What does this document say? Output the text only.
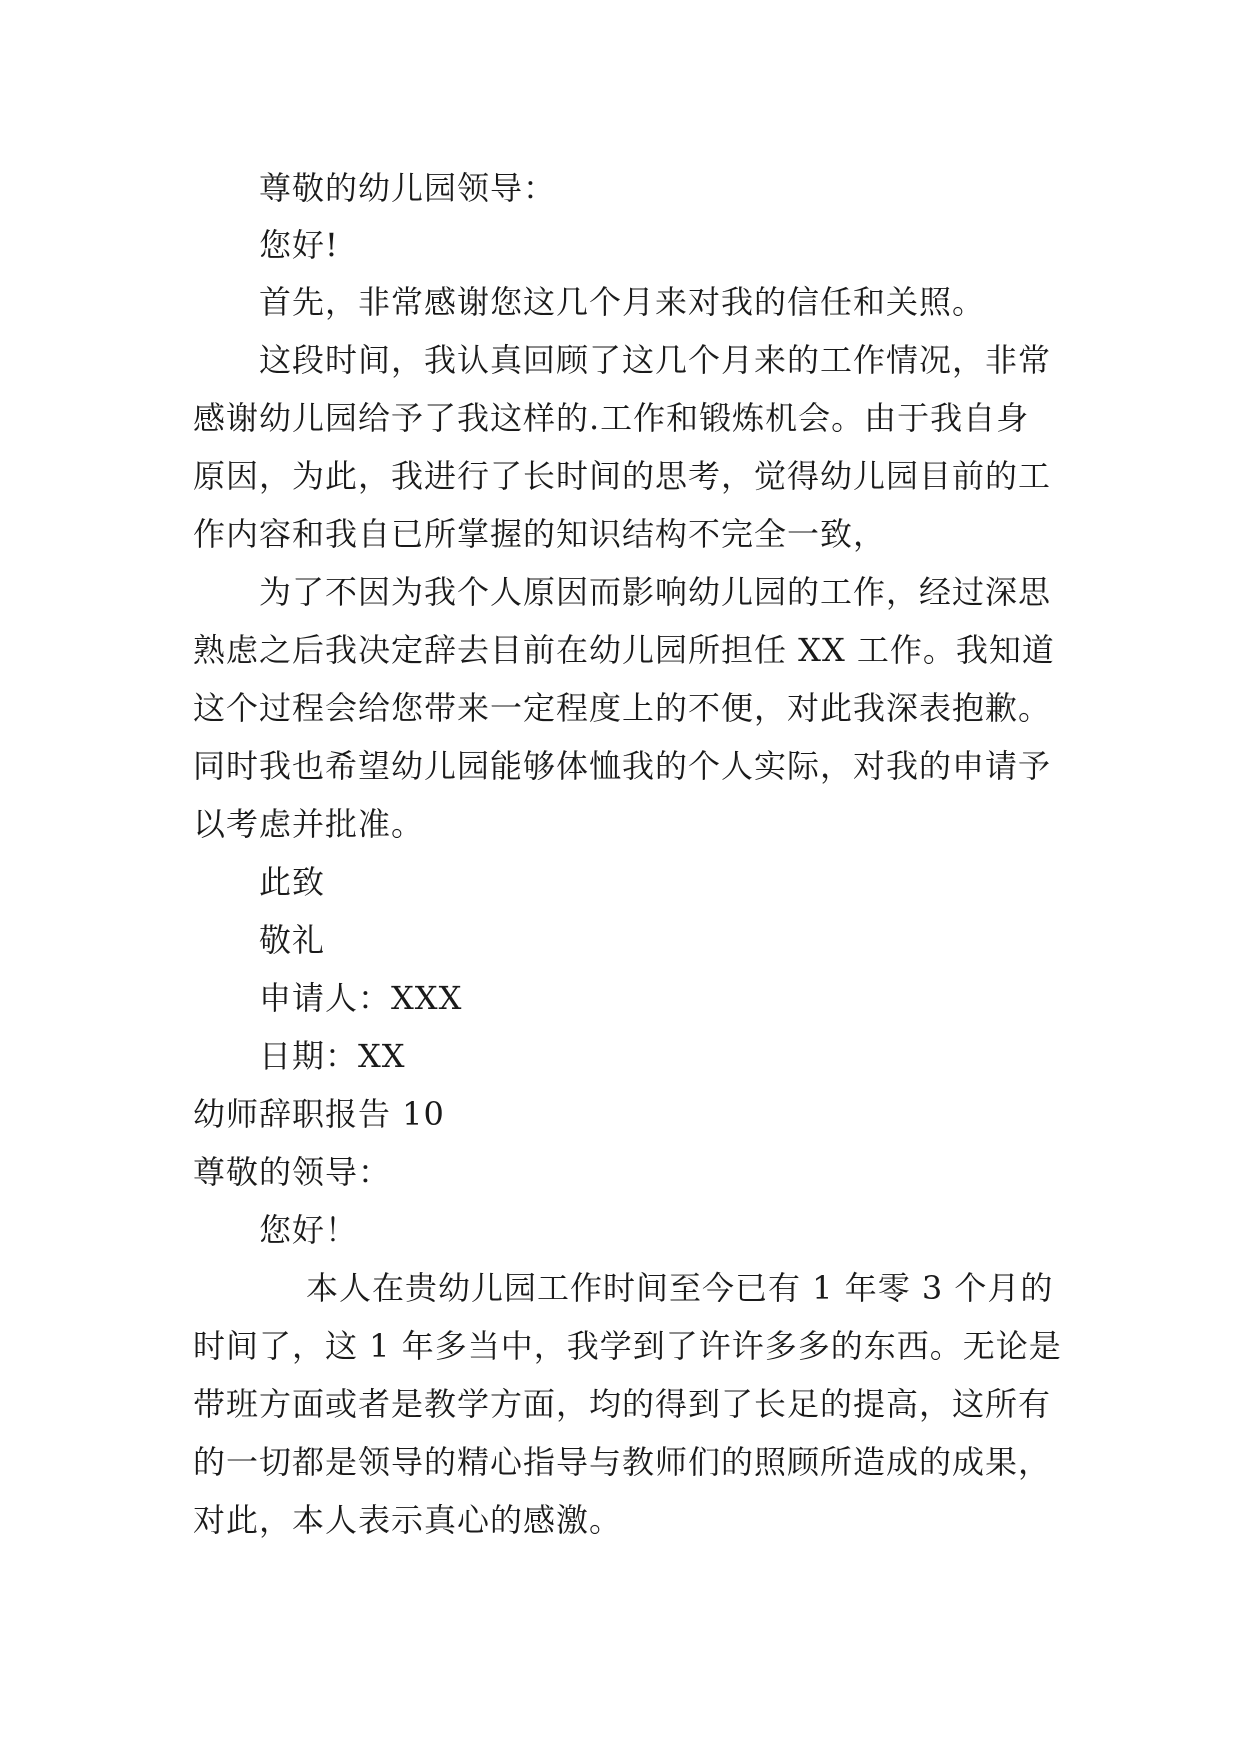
尊敬的幼儿园领导：
您好!
首先，非常感谢您这几个月来对我的信任和关照。
这段时间，我认真回顾了这几个月来的工作情况，非常
感谢幼儿园给予了我这样的.工作和锻炼机会。由于我自身
原因，为此，我进行了长时间的思考，觉得幼儿园目前的工
作内容和我自已所掌握的知识结构不完全一致，
为了不因为我个人原因而影响幼儿园的工作，经过深思
熟虑之后我决定辞去目前在幼儿园所担任 XX 工作。我知道
这个过程会给您带来一定程度上的不便，对此我深表抱歉。
同时我也希望幼儿园能够体恤我的个人实际，对我的申请予
以考虑并批准。
此致
敬礼
申请人：XXX
日期：XX
幼师辞职报告 10
尊敬的领导：
您好！
本人在贵幼儿园工作时间至今已有 1 年零 3 个月的
时间了，这 1 年多当中，我学到了许许多多的东西。无论是
带班方面或者是教学方面，均的得到了长足的提高，这所有
的一切都是领导的精心指导与教师们的照顾所造成的成果，
对此，本人表示真心的感激。
